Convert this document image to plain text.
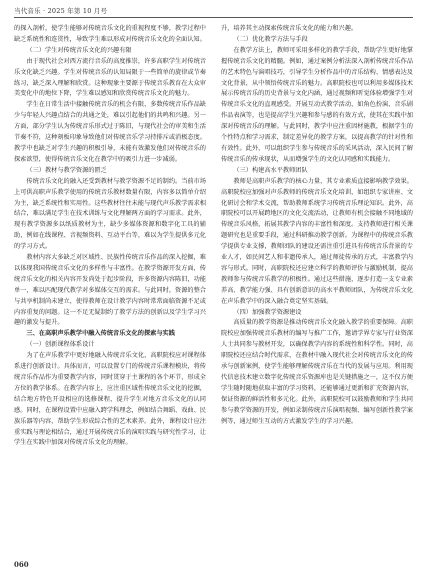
当代音乐 · 2025 年第 10 月号

的探入剖析，使学生能够对传统音乐文化的重视程度不够，教学过程中缺乏系统性和连贯性，导致学生难以形成对传统音乐文化的全面认知。

（二）学生对传统音乐文化的兴趣有限

由于现代社会对西方流行音乐的高度推崇，许多高职学生对传统音乐文化缺乏兴趣。学生对传统音乐的认知局限于一些简单的旋律或节奏练习，缺乏深入理解和欣赏。这种现象主要源于传统音乐教育在大众审美变化中的地位下降，学生难以感知和欣赏传统音乐文化的魅力。

学生在日常生活中接触传统音乐的机会有限，多数传统音乐作品缺少与年轻人兴趣点结合的共通之处，难以引起他们的共鸣和兴趣。另一方面，部分学生认为传统音乐形式过于陈旧，与现代社会的审美和生活节奏不符，这种刻板印象导致他们对传统音乐学习持排斥或消极态度。教学中也缺乏对学生兴趣的积极引导，未能有效激发他们对传统音乐的探索欲望，使得传统音乐文化在教学中的吸引力进一步减弱。

（三）教材与教学资源的匮乏

传统音乐文化的融入还受到教材与教学资源不足的制约。当前市场上可供高职声乐教学使用的传统音乐教材数量有限，内容多以简单介绍为主，缺乏系统性和实用性。这些教材往往未能与现代声乐教学需求相结合，难以满足学生在技术训练与文化理解两方面的学习需求。此外，现有教学资源多以纸质教材为主，缺少多媒体资源和数字化工具的辅助，例如在线课程、音视频资料、互动平台等，难以为学生提供多元化的学习方式。

教材内容大多缺乏对区域性、民族性传统音乐作品的深入挖掘，难以体现我国传统音乐文化的多样性与丰富性。在教学资源开发方面，传统音乐文化的相关内容开发尚处于起步阶段，许多资源内容陈旧，功能单一，难以匹配现代教学对多媒体交互的需求。与此同时，资源的整合与共享机制尚未建立，使得教师在设计教学内容时常常面临资源不足或内容重复的问题。这一不足无疑制约了教学方法的创新以及学生学习兴趣的激发与提升。

三、在高职声乐教学中融入传统音乐文化的探索与实践

（一）创新课程体系设计

为了在声乐教学中更好地融入传统音乐文化，高职院校应对课程体系进行创新设计。具体而言，可以设置专门的传统音乐课程模块，将传统音乐作品作为重要教学内容，同时贯穿于主课程的各个环节，形成全方位的教学体系。在教学内容上，应注重区域性传统音乐文化的挖掘，结合地方特色开设相应的选修课程，提升学生对地方音乐文化的认同感。同时，在课程设置中应融入跨学科理念，例如结合舞蹈、戏曲、民族乐器等内容，帮助学生形成综合性的艺术素养。此外，课程设计应注重实践与理论相结合，通过开展传统音乐的演唱实践与研究性学习，让学生在实践中加深对传统音乐文化的理解。

升，培养其主动探索传统音乐文化的能力和兴趣。

（二）优化教学方法与手段

在教学方法上，教师可采用多样化的教学手段，帮助学生更好地掌握传统音乐文化的精髓。例如，通过案例分析法深入剖析传统音乐作品的艺术特色与演唱技巧，引导学生分析作品中的音乐结构、情感表达及文化背景，从中领悟传统音乐的魅力。高职院校也可以利用多媒体技术展示传统音乐的历史背景与文化内涵，通过视频和听觉体验增强学生对传统音乐文化的直观感受。开展互动式教学活动，如角色扮演、音乐剧作品表演等，也是提高学生兴趣和参与感的有效方式，使其在实践中加深对传统音乐的理解。与此同时，教学中应注重因材施教，根据学生的个性特点和学习需求，制定差异化的教学方案，以提高教学的针对性和有效性。此外，可以组织学生参与传统音乐的采风活动，深入民间了解传统音乐的传承现状，从而增强学生的文化认同感和实践能力。

（三）构建高水平教师团队

教师是高职声乐教学的核心力量，其专业素质直接影响教学效果。高职院校应加强对声乐教师的传统音乐文化培训，如组织专家讲座、文化研讨会和学术交流，帮助教师系统学习传统音乐理论知识。此外，高职院校可以开展跨地区的文化交流活动，让教师有机会接触不同地域的传统音乐风格，拓展其教学内容的丰富性和深度。支持教师进行相关课题研究也是重要手段，通过科研推动教学创新。为课程中的传统音乐教学提供专业支撑，教师团队的建设还需注重引进具有传统音乐背景的专业人才，如民间艺人和非遗传承人，通过师徒传承的方式，丰富教学内容与形式。同时，高职院校还应建立科学的教师评价与激励机制，提高教师参与传统音乐教学的积极性。通过这些措施，逐步打造一支专业素养高、教学能力强、具有创新意识的高水平教师团队，为传统音乐文化在声乐教学中的深入融合奠定坚实基础。

（四）加强教学资源建设

高质量的教学资源是推动传统音乐文化融入教学的重要保障。高职院校应加强传统音乐教材的编写与推广工作，邀请学界专家与行业资深人士共同参与教材开发，以确保教学内容的系统性和科学性。同时，高职院校还应结合时代需求，在教材中融入现代社会对传统音乐文化的传承与创新案例，使学生能够理解传统音乐在当代的发展与应用。利用现代信息技术建立数字化传统音乐资源库也是关键措施之一，这不仅方便学生随时随地获取丰富的学习资料，还能够通过更新和扩充资源内容，保证资源的鲜活性和多元化。此外，高职院校可以鼓励教师和学生共同参与教学资源的开发，例如录制传统音乐演唱视频、编写创新性教学案例等，通过师生互动的方式激发学生的学习兴趣。

060
